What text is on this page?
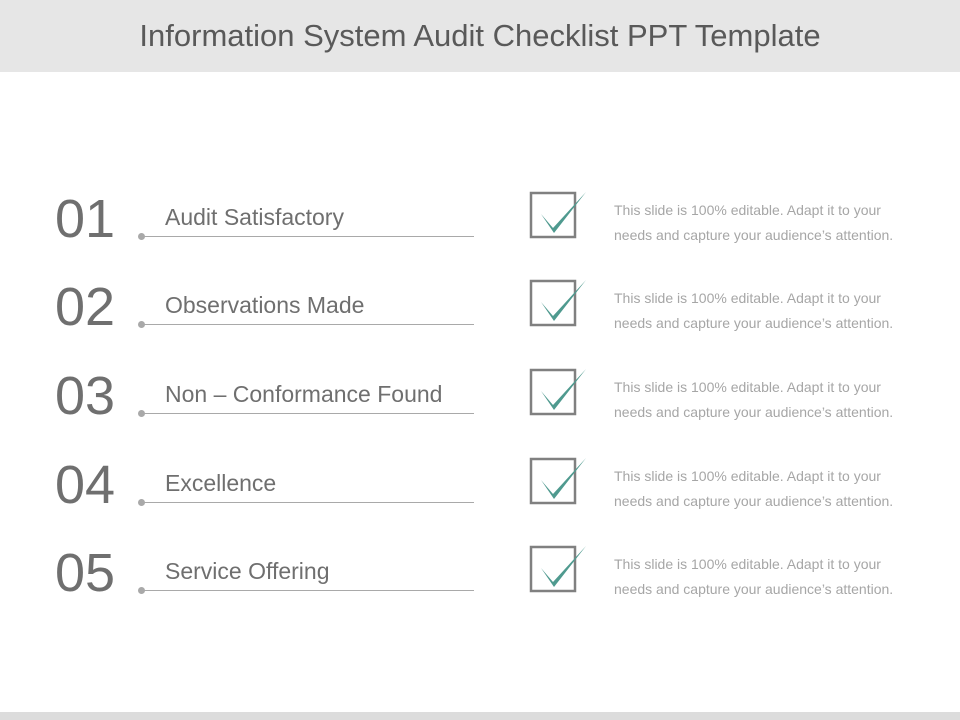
Information System Audit Checklist PPT Template
01 Audit Satisfactory	This slide is 100% editable. Adapt it to your
needs and capture your audience’s attention.
02 Observations Made	This slide is 100% editable. Adapt it to your
needs and capture your audience’s attention.
03 Non – Conformance Found	This slide is 100% editable. Adapt it to your
needs and capture your audience’s attention.
04 Excellence	This slide is 100% editable. Adapt it to your
needs and capture your audience’s attention.
05 Service Offering	This slide is 100% editable. Adapt it to your
needs and capture your audience’s attention.
